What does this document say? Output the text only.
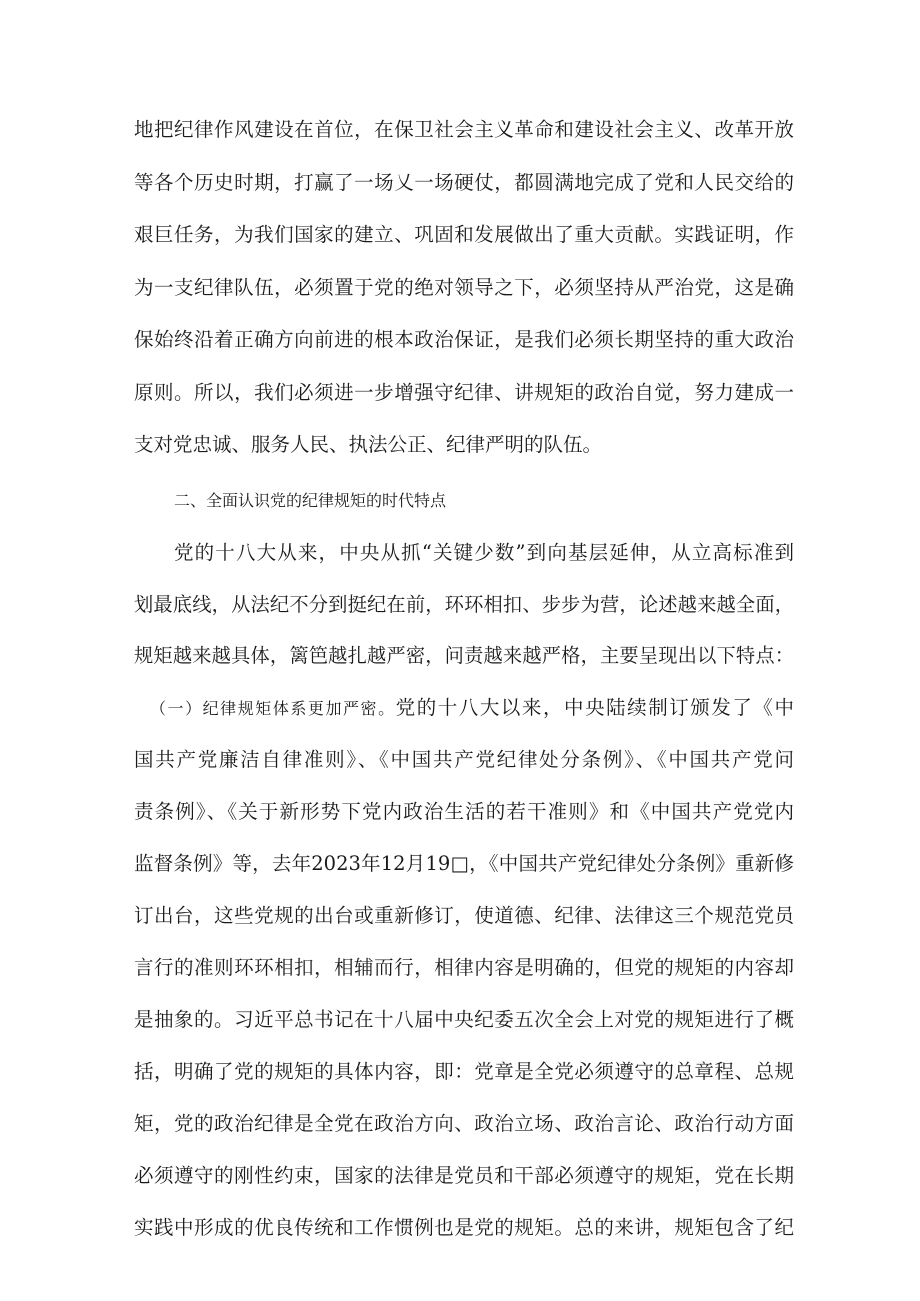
地把纪律作风建设在首位，在保卫社会主义革命和建设社会主义、改革开放
等各个历史时期，打赢了一场乂一场硬仗，都圆满地完成了党和人民交给的
艰巨任务，为我们国家的建立、巩固和发展做出了重大贡献。实践证明，作
为一支纪律队伍，必须置于党的绝对领导之下，必须坚持从严治党，这是确
保始终沿着正确方向前进的根本政治保证，是我们必须长期坚持的重大政治
原则。所以，我们必须进一步增强守纪律、讲规矩的政治自觉，努力建成一
支对党忠诚、服务人民、执法公正、纪律严明的队伍。
二、全面认识党的纪律规矩的时代特点
党的十八大从来，中央从抓“关键少数”到向基层延伸，从立高标准到
划最底线，从法纪不分到挺纪在前，环环相扣、步步为营，论述越来越全面，
规矩越来越具体，篱笆越扎越严密，问责越来越严格，主要呈现出以下特点：
（一）纪律规矩体系更加严密。党的十八大以来，中央陆续制订颁发了《中
国共产党廉洁自律准则》、《中国共产党纪律处分条例》、《中国共产党问
责条例》、《关于新形势下党内政治生活的若干准则》和《中国共产党党内
监督条例》等，去年2023年12月19□，《中国共产党纪律处分条例》重新修
订出台，这些党规的出台或重新修订，使道德、纪律、法律这三个规范党员
言行的准则环环相扣，相辅而行，相律内容是明确的，但党的规矩的内容却
是抽象的。习近平总书记在十八届中央纪委五次全会上对党的规矩进行了概
括，明确了党的规矩的具体内容，即：党章是全党必须遵守的总章程、总规
矩，党的政治纪律是全党在政治方向、政治立场、政治言论、政治行动方面
必须遵守的刚性约束，国家的法律是党员和干部必须遵守的规矩，党在长期
实践中形成的优良传统和工作惯例也是党的规矩。总的来讲，规矩包含了纪
